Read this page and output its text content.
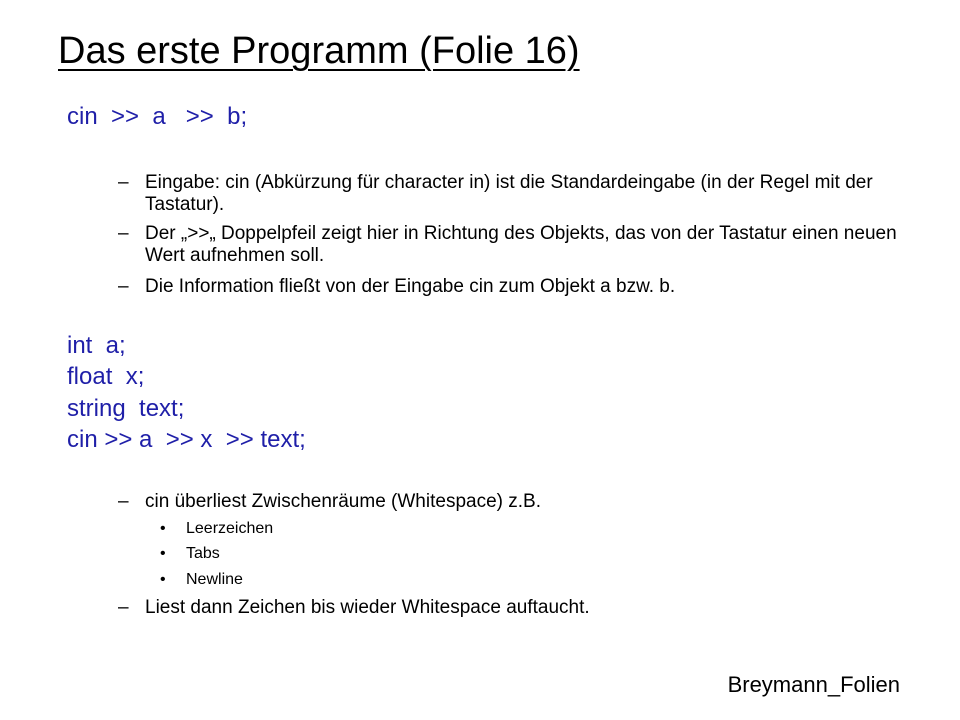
Das erste Programm (Folie 16)
cin  >>  a   >>  b;
– Eingabe: cin (Abkürzung für character in) ist die Standardeingabe (in der Regel mit der Tastatur).
– Der „>>„ Doppelpfeil zeigt hier in Richtung des Objekts, das von der Tastatur einen neuen Wert aufnehmen soll.
– Die Information fließt von der Eingabe cin zum Objekt a bzw. b.
int  a;
float  x;
string  text;
cin >> a  >> x  >> text;
– cin überliest Zwischenräume (Whitespace) z.B.
• Leerzeichen
• Tabs
• Newline
– Liest dann Zeichen bis wieder Whitespace auftaucht.
Breymann_Folien
